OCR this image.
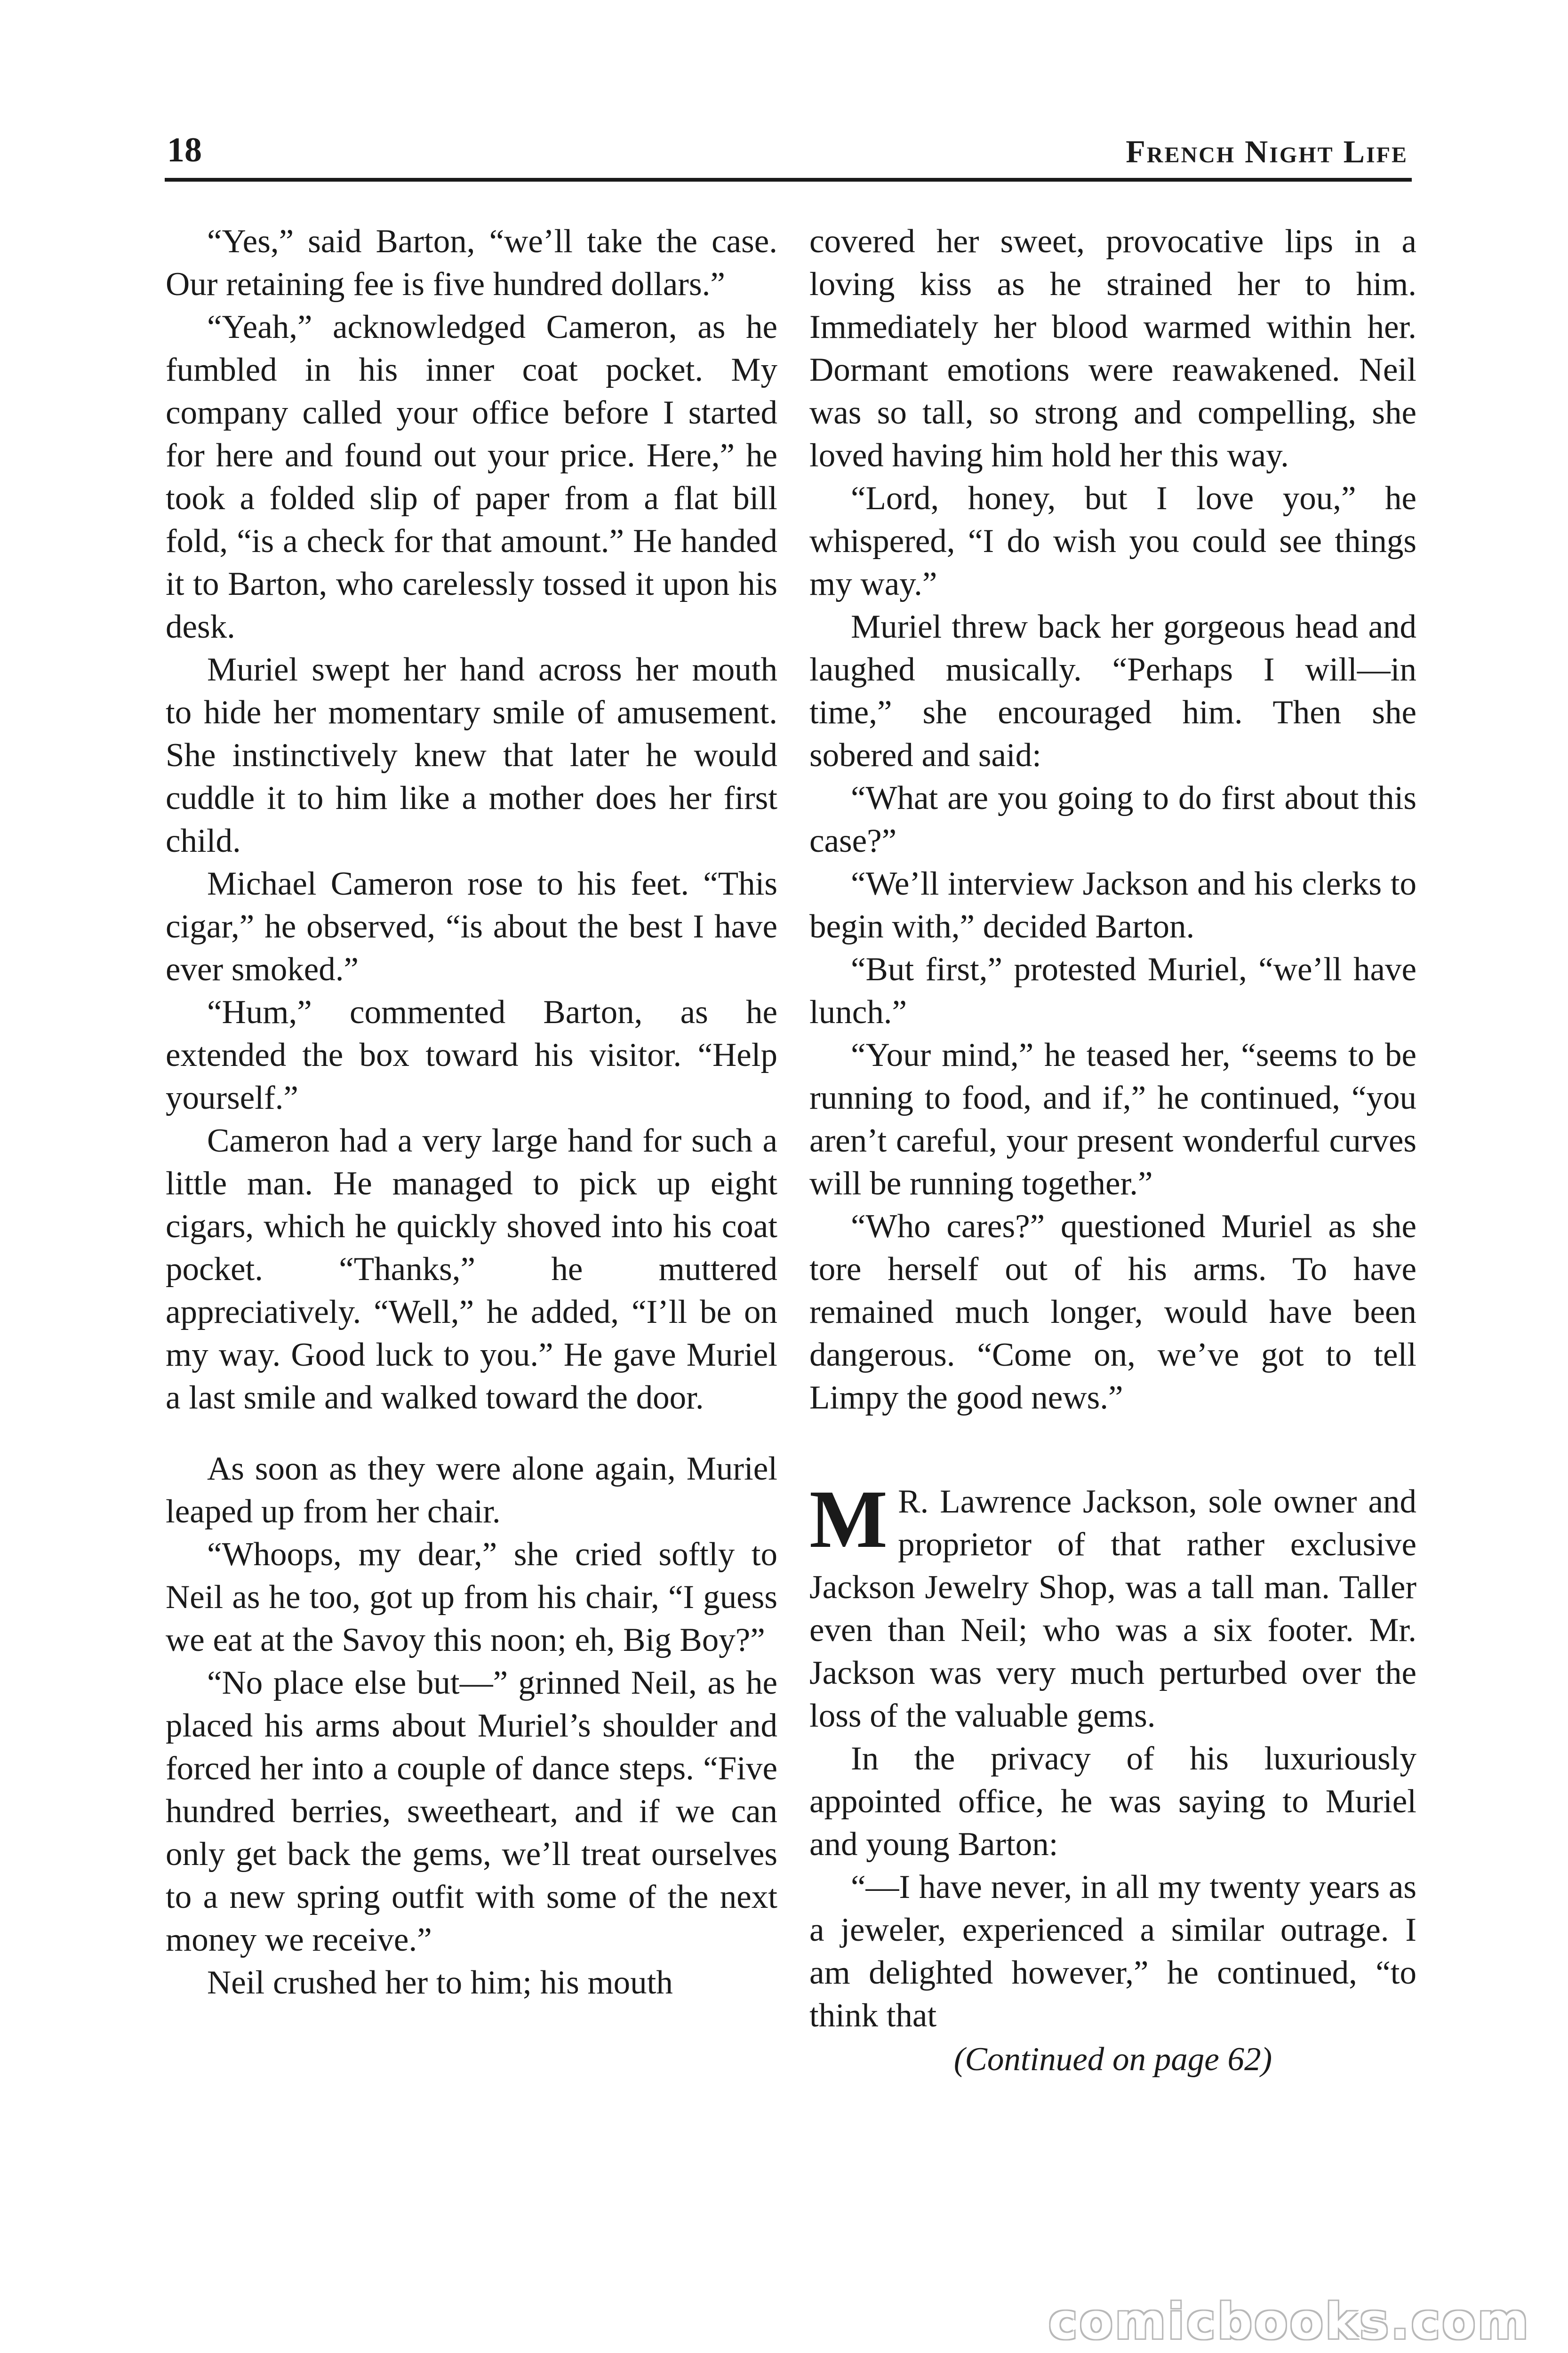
18	French Night Life

“Yes,” said Barton, “we’ll take the case. Our retaining fee is five hundred dollars.”

“Yeah,” acknowledged Cameron, as he fumbled in his inner coat pocket. My company called your office before I started for here and found out your price. Here,” he took a folded slip of paper from a flat bill fold, “is a check for that amount.” He handed it to Barton, who carelessly tossed it upon his desk.

Muriel swept her hand across her mouth to hide her momentary smile of amusement. She instinctively knew that later he would cuddle it to him like a mother does her first child.

Michael Cameron rose to his feet. “This cigar,” he observed, “is about the best I have ever smoked.”

“Hum,” commented Barton, as he extended the box toward his visitor. “Help yourself.”

Cameron had a very large hand for such a little man. He managed to pick up eight cigars, which he quickly shoved into his coat pocket. “Thanks,” he muttered appreciatively. “Well,” he added, “I’ll be on my way. Good luck to you.” He gave Muriel a last smile and walked toward the door.

As soon as they were alone again, Muriel leaped up from her chair.

“Whoops, my dear,” she cried softly to Neil as he too, got up from his chair, “I guess we eat at the Savoy this noon; eh, Big Boy?”

“No place else but—” grinned Neil, as he placed his arms about Muriel’s shoulder and forced her into a couple of dance steps. “Five hundred berries, sweetheart, and if we can only get back the gems, we’ll treat ourselves to a new spring outfit with some of the next money we receive.”

Neil crushed her to him; his mouth

covered her sweet, provocative lips in a loving kiss as he strained her to him. Immediately her blood warmed within her. Dormant emotions were reawakened. Neil was so tall, so strong and compelling, she loved having him hold her this way.

“Lord, honey, but I love you,” he whispered, “I do wish you could see things my way.”

Muriel threw back her gorgeous head and laughed musically. “Perhaps I will—in time,” she encouraged him. Then she sobered and said:

“What are you going to do first about this case?”

“We’ll interview Jackson and his clerks to begin with,” decided Barton.

“But first,” protested Muriel, “we’ll have lunch.”

“Your mind,” he teased her, “seems to be running to food, and if,” he continued, “you aren’t careful, your present wonderful curves will be running together.”

“Who cares?” questioned Muriel as she tore herself out of his arms. To have remained much longer, would have been dangerous. “Come on, we’ve got to tell Limpy the good news.”

M R. Lawrence Jackson, sole owner and proprietor of that rather exclusive Jackson Jewelry Shop, was a tall man. Taller even than Neil; who was a six footer. Mr. Jackson was very much perturbed over the loss of the valuable gems.

In the privacy of his luxuriously appointed office, he was saying to Muriel and young Barton:

“—I have never, in all my twenty years as a jeweler, experienced a similar outrage. I am delighted however,” he continued, “to think that

(Continued on page 62)

comicbooks.com
